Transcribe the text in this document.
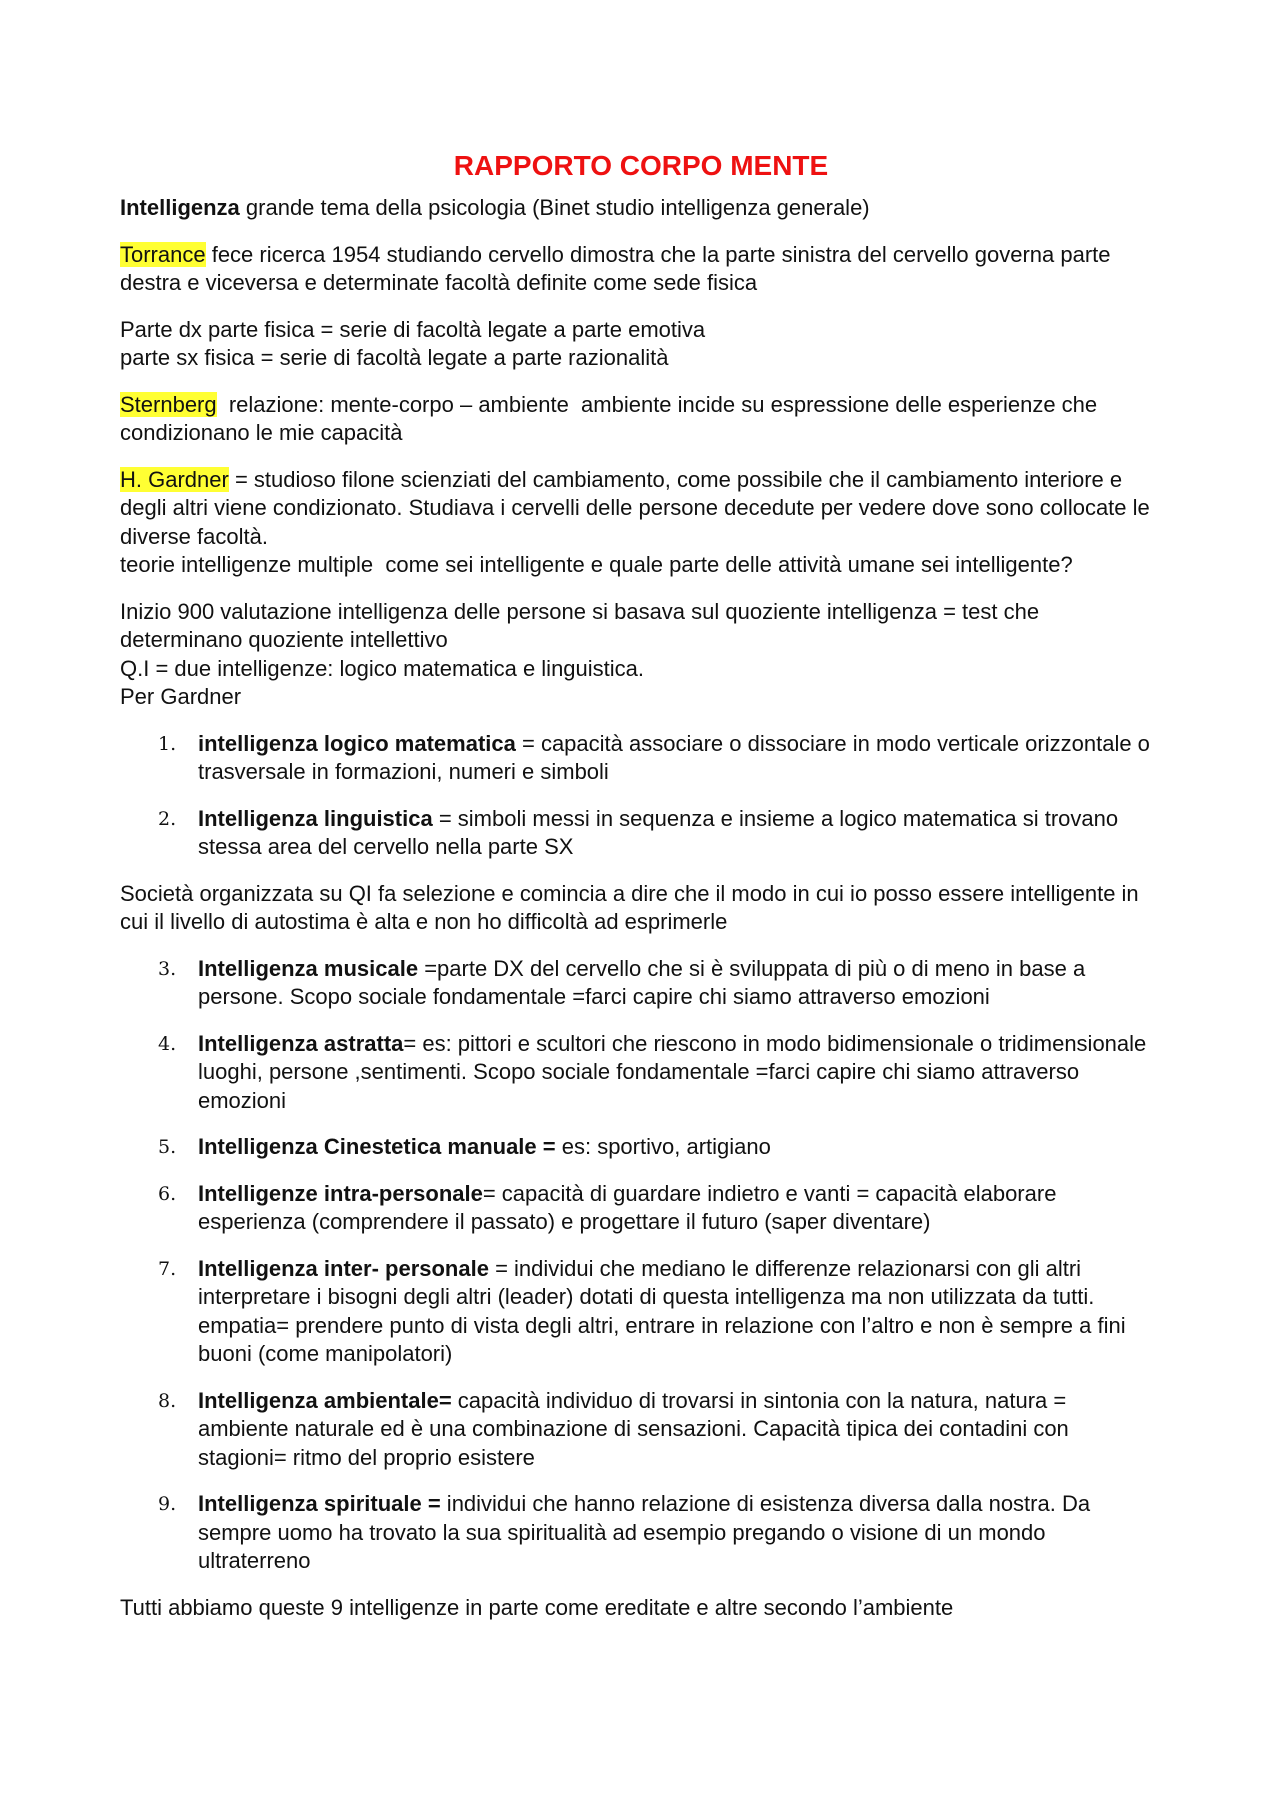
RAPPORTO CORPO MENTE

Intelligenza grande tema della psicologia (Binet studio intelligenza generale)

Torrance fece ricerca 1954 studiando cervello dimostra che la parte sinistra del cervello governa parte destra e viceversa e determinate facoltà definite come sede fisica

Parte dx parte fisica = serie di facoltà legate a parte emotiva
parte sx fisica = serie di facoltà legate a parte razionalità

Sternberg  relazione: mente-corpo – ambiente  ambiente incide su espressione delle esperienze che condizionano le mie capacità

H. Gardner = studioso filone scienziati del cambiamento, come possibile che il cambiamento interiore e degli altri viene condizionato. Studiava i cervelli delle persone decedute per vedere dove sono collocate le diverse facoltà.
teorie intelligenze multiple  come sei intelligente e quale parte delle attività umane sei intelligente?

Inizio 900 valutazione intelligenza delle persone si basava sul quoziente intelligenza = test che determinano quoziente intellettivo
Q.I = due intelligenze: logico matematica e linguistica.
Per Gardner

1. intelligenza logico matematica = capacità associare o dissociare in modo verticale orizzontale o trasversale in formazioni, numeri e simboli
2. Intelligenza linguistica = simboli messi in sequenza e insieme a logico matematica si trovano stessa area del cervello nella parte SX

Società organizzata su QI fa selezione e comincia a dire che il modo in cui io posso essere intelligente in cui il livello di autostima è alta e non ho difficoltà ad esprimerle

3. Intelligenza musicale =parte DX del cervello che si è sviluppata di più o di meno in base a persone. Scopo sociale fondamentale =farci capire chi siamo attraverso emozioni
4. Intelligenza astratta= es: pittori e scultori che riescono in modo bidimensionale o tridimensionale luoghi, persone ,sentimenti. Scopo sociale fondamentale =farci capire chi siamo attraverso emozioni
5. Intelligenza Cinestetica manuale = es: sportivo, artigiano
6. Intelligenze intra-personale= capacità di guardare indietro e vanti = capacità elaborare esperienza (comprendere il passato) e progettare il futuro (saper diventare)
7. Intelligenza inter- personale = individui che mediano le differenze relazionarsi con gli altri interpretare i bisogni degli altri (leader) dotati di questa intelligenza ma non utilizzata da tutti.
empatia= prendere punto di vista degli altri, entrare in relazione con l’altro e non è sempre a fini buoni (come manipolatori)
8. Intelligenza ambientale= capacità individuo di trovarsi in sintonia con la natura, natura = ambiente naturale ed è una combinazione di sensazioni. Capacità tipica dei contadini con stagioni= ritmo del proprio esistere
9. Intelligenza spirituale = individui che hanno relazione di esistenza diversa dalla nostra. Da sempre uomo ha trovato la sua spiritualità ad esempio pregando o visione di un mondo ultraterreno

Tutti abbiamo queste 9 intelligenze in parte come ereditate e altre secondo l’ambiente
